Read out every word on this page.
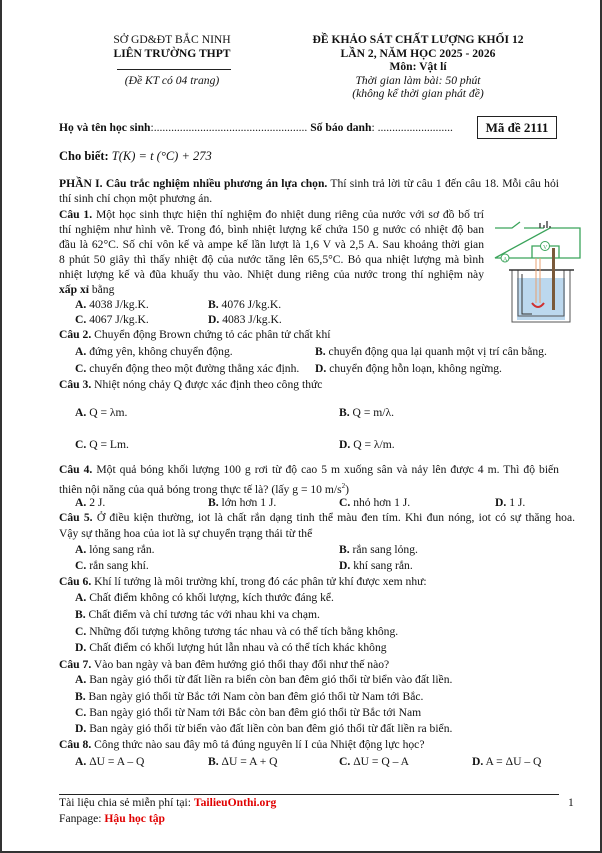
SỞ GD&ĐT BẮC NINH
LIÊN TRƯỜNG THPT
(Đề KT có 04 trang)
ĐỀ KHẢO SÁT CHẤT LƯỢNG KHỐI 12
LẦN 2, NĂM HỌC 2025 - 2026
Môn: Vật lí
Thời gian làm bài: 50 phút
(không kể thời gian phát đề)
Họ và tên học sinh:..................................................... Số báo danh: ..........................	Mã đề 2111
Cho biết: T(K) = t (°C) + 273
PHẦN I. Câu trắc nghiệm nhiều phương án lựa chọn. Thí sinh trả lời từ câu 1 đến câu 18. Mỗi câu hỏi
thí sinh chỉ chọn một phương án.
Câu 1. Một học sinh thực hiện thí nghiệm đo nhiệt dung riêng của nước với sơ đồ bố trí
thí nghiệm như hình vẽ. Trong đó, bình nhiệt lượng kế chứa 150 g nước có nhiệt độ ban
đầu là 62°C. Số chỉ vôn kế và ampe kế lần lượt là 1,6 V và 2,5 A. Sau khoảng thời gian
8 phút 50 giây thì thấy nhiệt độ của nước tăng lên 65,5°C. Bỏ qua nhiệt lượng mà bình
nhiệt lượng kế và đũa khuấy thu vào. Nhiệt dung riêng của nước trong thí nghiệm này
xấp xỉ bằng
A. 4038 J/kg.K.	B. 4076 J/kg.K.
C. 4067 J/kg.K.	D. 4083 J/kg.K.
A
V
Câu 2. Chuyển động Brown chứng tỏ các phân tử chất khí
A. đứng yên, không chuyển động.	B. chuyển động qua lại quanh một vị trí cân bằng.
C. chuyển động theo một đường thẳng xác định. D. chuyển động hỗn loạn, không ngừng.
Câu 3. Nhiệt nóng chảy Q được xác định theo công thức
A. Q = λm.	B. Q = m/λ.
C. Q = Lm.	D. Q = λ/m.
Câu 4. Một quả bóng khối lượng 100 g rơi từ độ cao 5 m xuống sân và nảy lên được 4 m. Thì độ biến
thiên nội năng của quả bóng trong thực tế là? (lấy g = 10 $m/s^2$)
A. 2 J.	B. lớn hơn 1 J.	C. nhỏ hơn 1 J.	D. 1 J.
Câu 5. Ở điều kiện thường, iot là chất rắn dạng tinh thể màu đen tím. Khi đun nóng, iot có sự thăng hoa.
Vậy sự thăng hoa của iot là sự chuyển trạng thái từ thể
A. lỏng sang rắn.	B. rắn sang lỏng.
C. rắn sang khí.	D. khí sang rắn.
Câu 6. Khí lí tưởng là môi trường khí, trong đó các phân tử khí được xem như:
A. Chất điểm không có khối lượng, kích thước đáng kể.
B. Chất điểm và chỉ tương tác với nhau khi va chạm.
C. Những đối tượng không tương tác nhau và có thể tích bằng không.
D. Chất điểm có khối lượng hút lẫn nhau và có thể tích khác không
Câu 7. Vào ban ngày và ban đêm hướng gió thổi thay đổi như thế nào?
A. Ban ngày gió thổi từ đất liền ra biển còn ban đêm gió thổi từ biển vào đất liền.
B. Ban ngày gió thổi từ Bắc tới Nam còn ban đêm gió thổi từ Nam tới Bắc.
C. Ban ngày gió thổi từ Nam tới Bắc còn ban đêm gió thổi từ Bắc tới Nam
D. Ban ngày gió thổi từ biển vào đất liền còn ban đêm gió thổi từ đất liền ra biển.
Câu 8. Công thức nào sau đây mô tả đúng nguyên lí I của Nhiệt động lực học?
A. ΔU = A – Q	B. ΔU = A + Q	C. ΔU = Q – A	D. A = ΔU – Q
Tài liệu chia sẻ miễn phí tại: TailieuOnthi.org
Fanpage: Hậu học tập
1
